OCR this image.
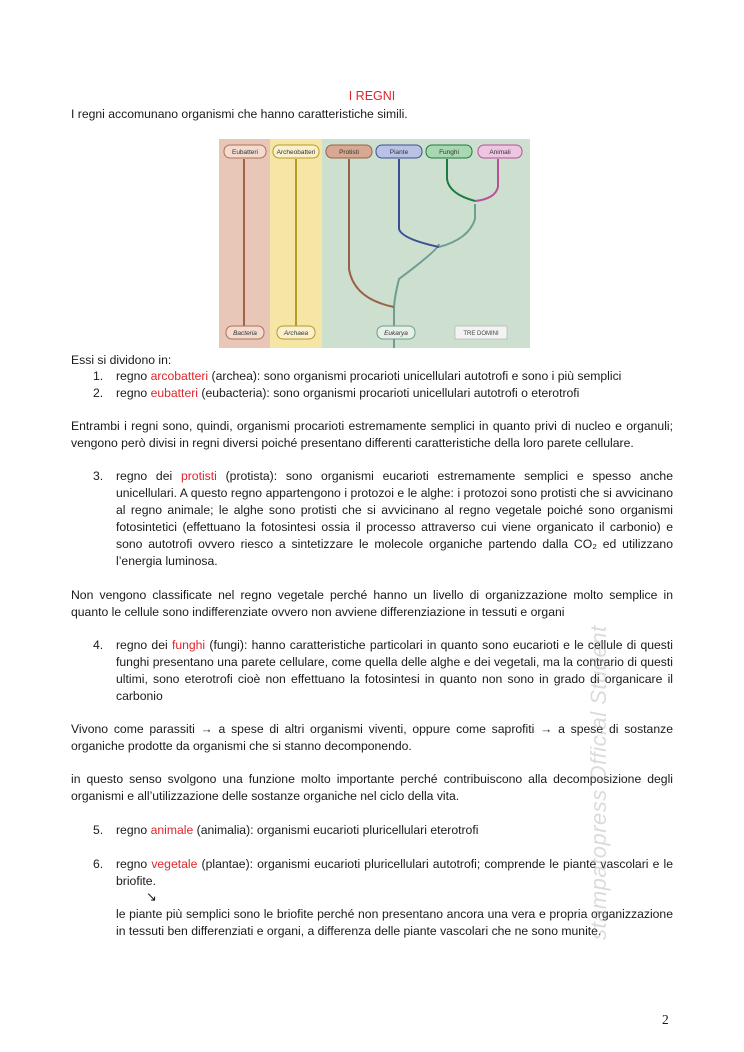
I REGNI
I regni accomunano organismi che hanno caratteristiche simili.
Eubatteri	Archeobatteri	Protisti	Piante	Funghi	Animali
Bacteria	Archaea	Eukarya	TRE DOMINI
Essi si dividono in:
1.	regno arcobatteri (archea): sono organismi procarioti unicellulari autotrofi e sono i più semplici
2.	regno eubatteri (eubacteria): sono organismi procarioti unicellulari autotrofi o eterotrofi
Entrambi i regni sono, quindi, organismi procarioti estremamente semplici in quanto privi di nucleo e organuli; vengono però divisi in regni diversi poiché presentano differenti caratteristiche della loro parete cellulare.
3.	regno dei protisti (protista): sono organismi eucarioti estremamente semplici e spesso anche unicellulari. A questo regno appartengono i protozoi e le alghe: i protozoi sono protisti che si avvicinano al regno animale; le alghe sono protisti che si avvicinano al regno vegetale poiché sono organismi fotosintetici (effettuano la fotosintesi ossia il processo attraverso cui viene organicato il carbonio) e sono autotrofi ovvero riesco a sintetizzare le molecole organiche partendo dalla CO₂ ed utilizzano l’energia luminosa.
Non vengono classificate nel regno vegetale perché hanno un livello di organizzazione molto semplice in quanto le cellule sono indifferenziate ovvero non avviene differenziazione in tessuti e organi
4.	regno dei funghi (fungi): hanno caratteristiche particolari in quanto sono eucarioti e le cellule di questi funghi presentano una parete cellulare, come quella delle alghe e dei vegetali, ma la contrario di questi ultimi, sono eterotrofi cioè non effettuano la fotosintesi in quanto non sono in grado di organicare il carbonio
Vivono come parassiti → a spese di altri organismi viventi, oppure come saprofiti → a spese di sostanze organiche prodotte da organismi che si stanno decomponendo.
in questo senso svolgono una funzione molto importante perché contribuiscono alla decomposizione degli organismi e all’utilizzazione delle sostanze organiche nel ciclo della vita.
5.	regno animale (animalia): organismi eucarioti pluricellulari eterotrofi
6.	regno vegetale (plantae): organismi eucarioti pluricellulari autotrofi; comprende le piante vascolari e le briofite.
↘
le piante più semplici sono le briofite perché non presentano ancora una vera e propria organizzazione in tessuti ben differenziati e organi, a differenza delle piante vascolari che ne sono munite.
stampatopress Official Student
2
